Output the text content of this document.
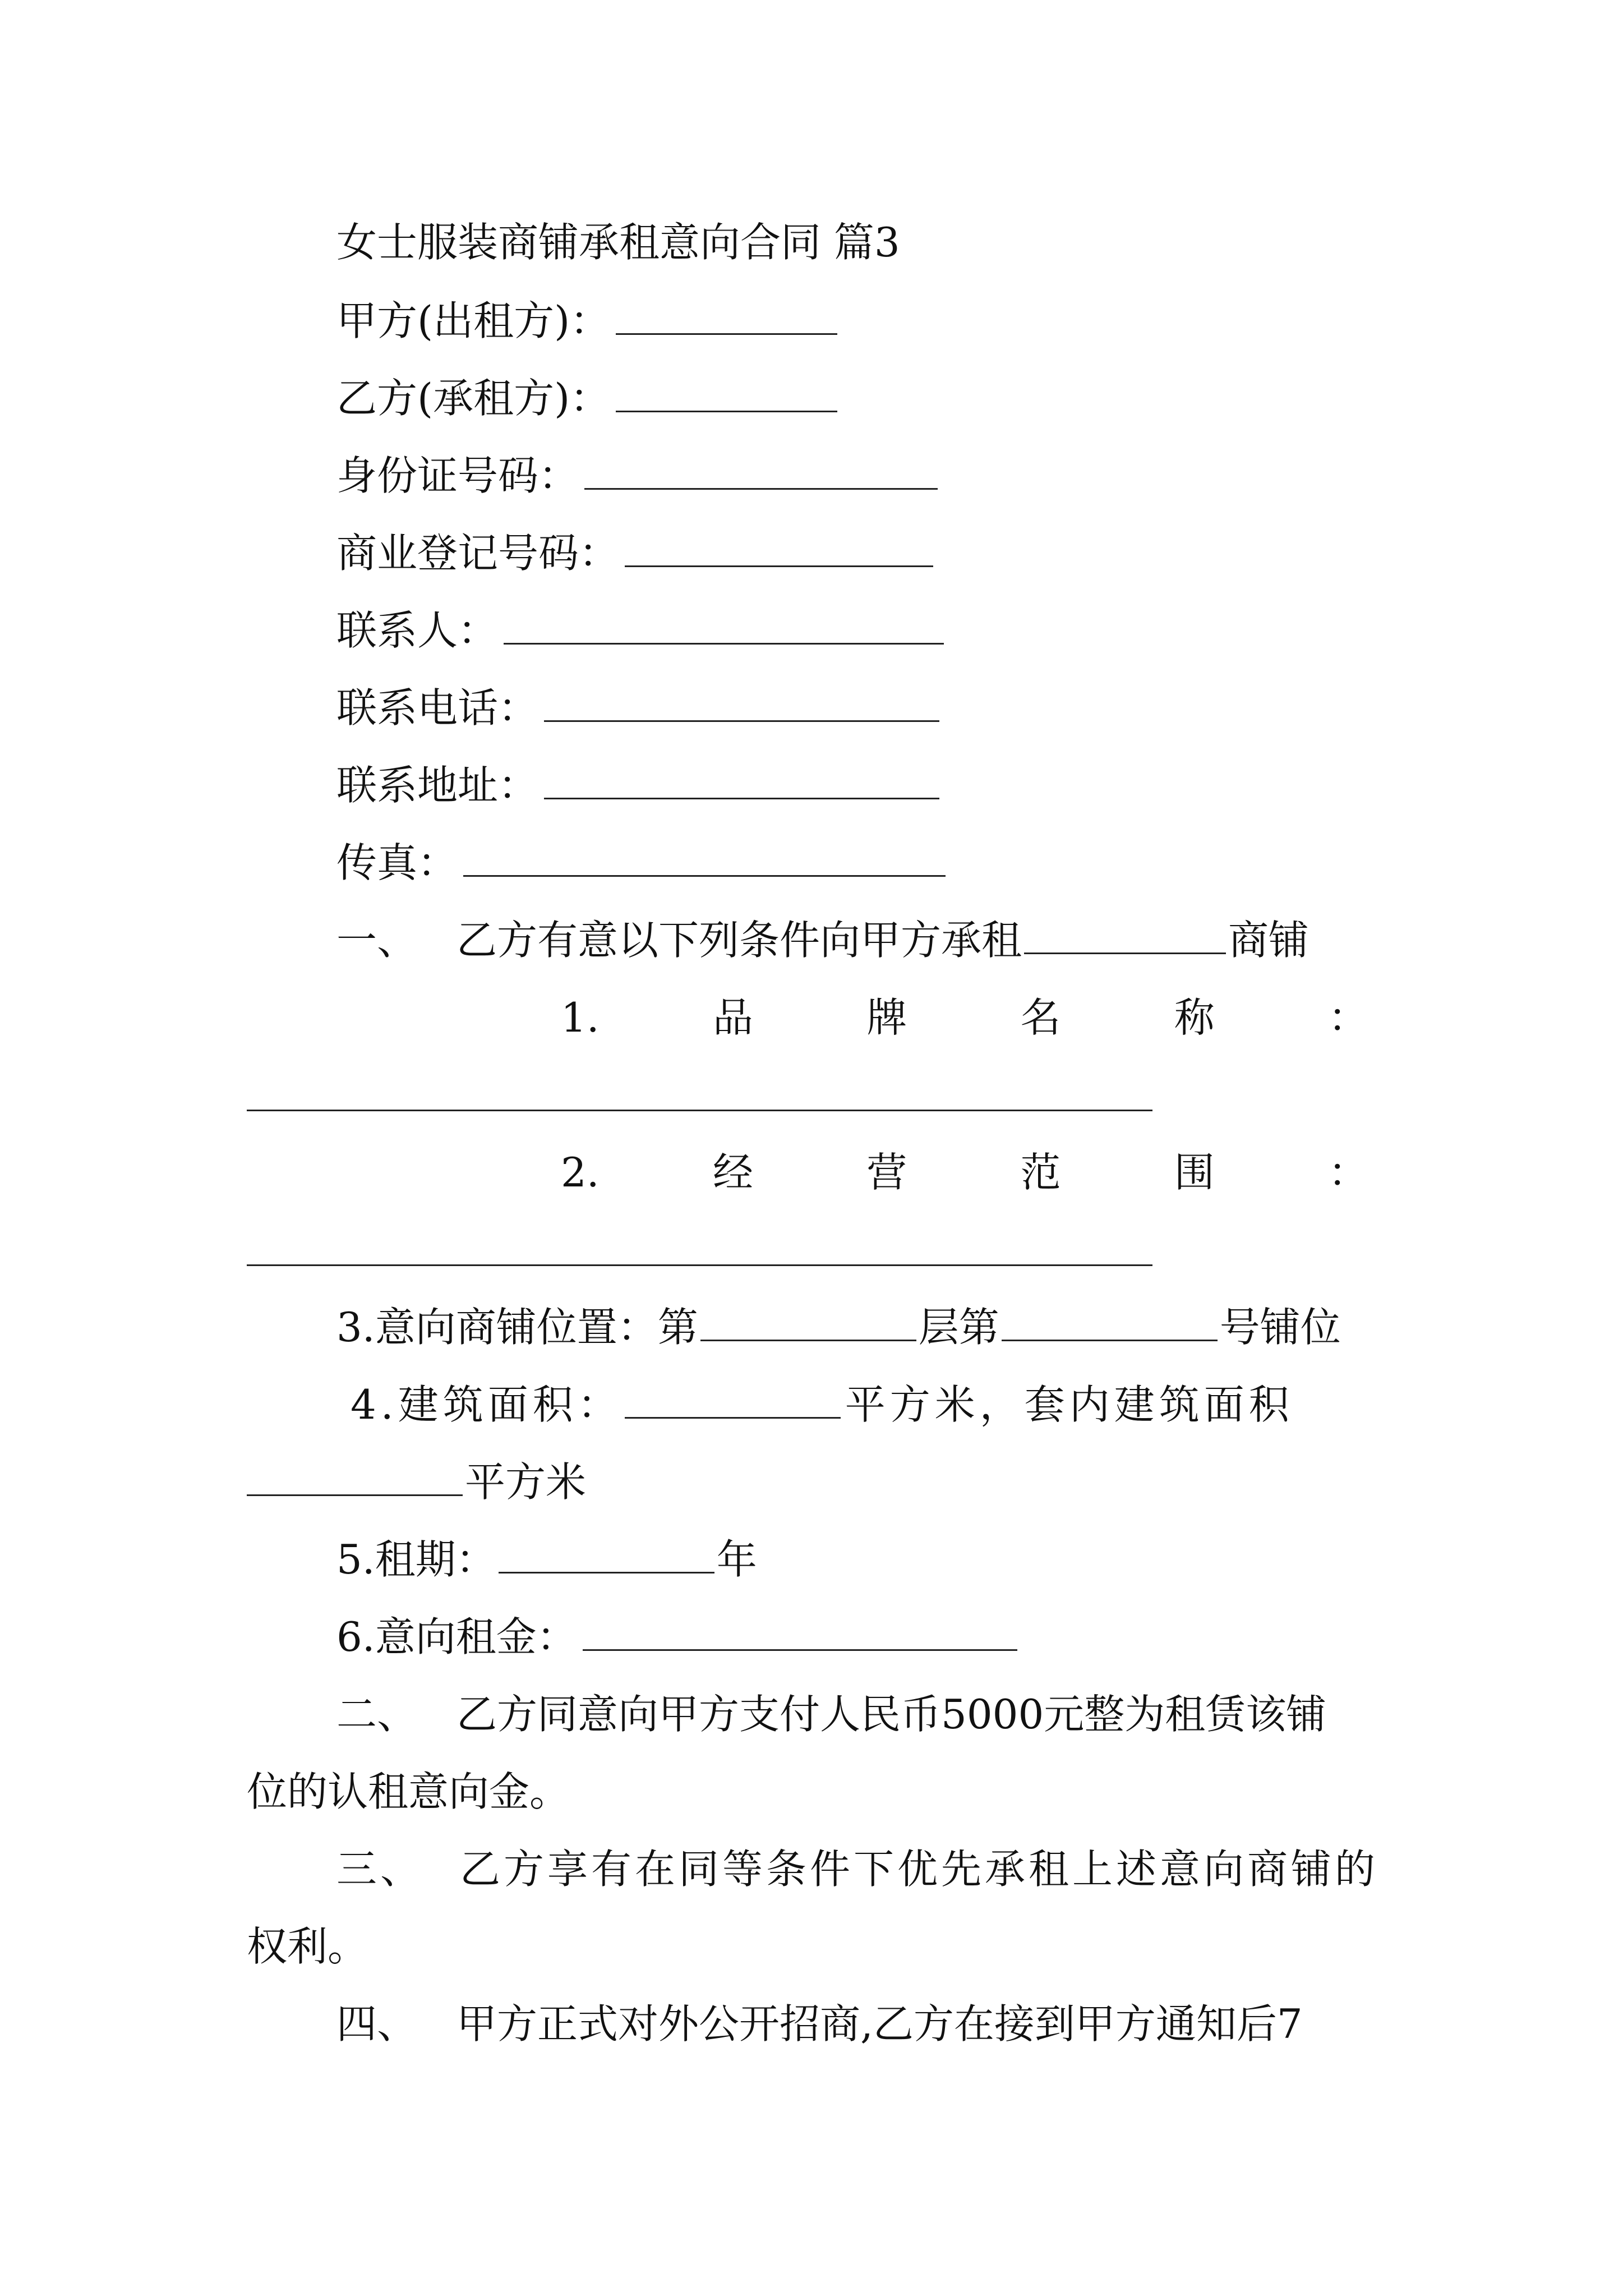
女士服装商铺承租意向合同 篇3
甲方(出租方)：
乙方(承租方)：
身份证号码：
商业登记号码：
联系人：
联系电话：
联系地址：
传真：
一、 乙方有意以下列条件向甲方承租	商铺
1.	品	牌	名	称	：
2.	经	营	范	围	：
3.意向商铺位置：第	层第	号铺位
4.建筑面积：	平方米，套内建筑面积
平方米
5.租期：	年
6.意向租金：
二、 乙方同意向甲方支付人民币5000元整为租赁该铺
位的认租意向金。
三、 乙方享有在同等条件下优先承租上述意向商铺的
权利。
四、 甲方正式对外公开招商,乙方在接到甲方通知后7
